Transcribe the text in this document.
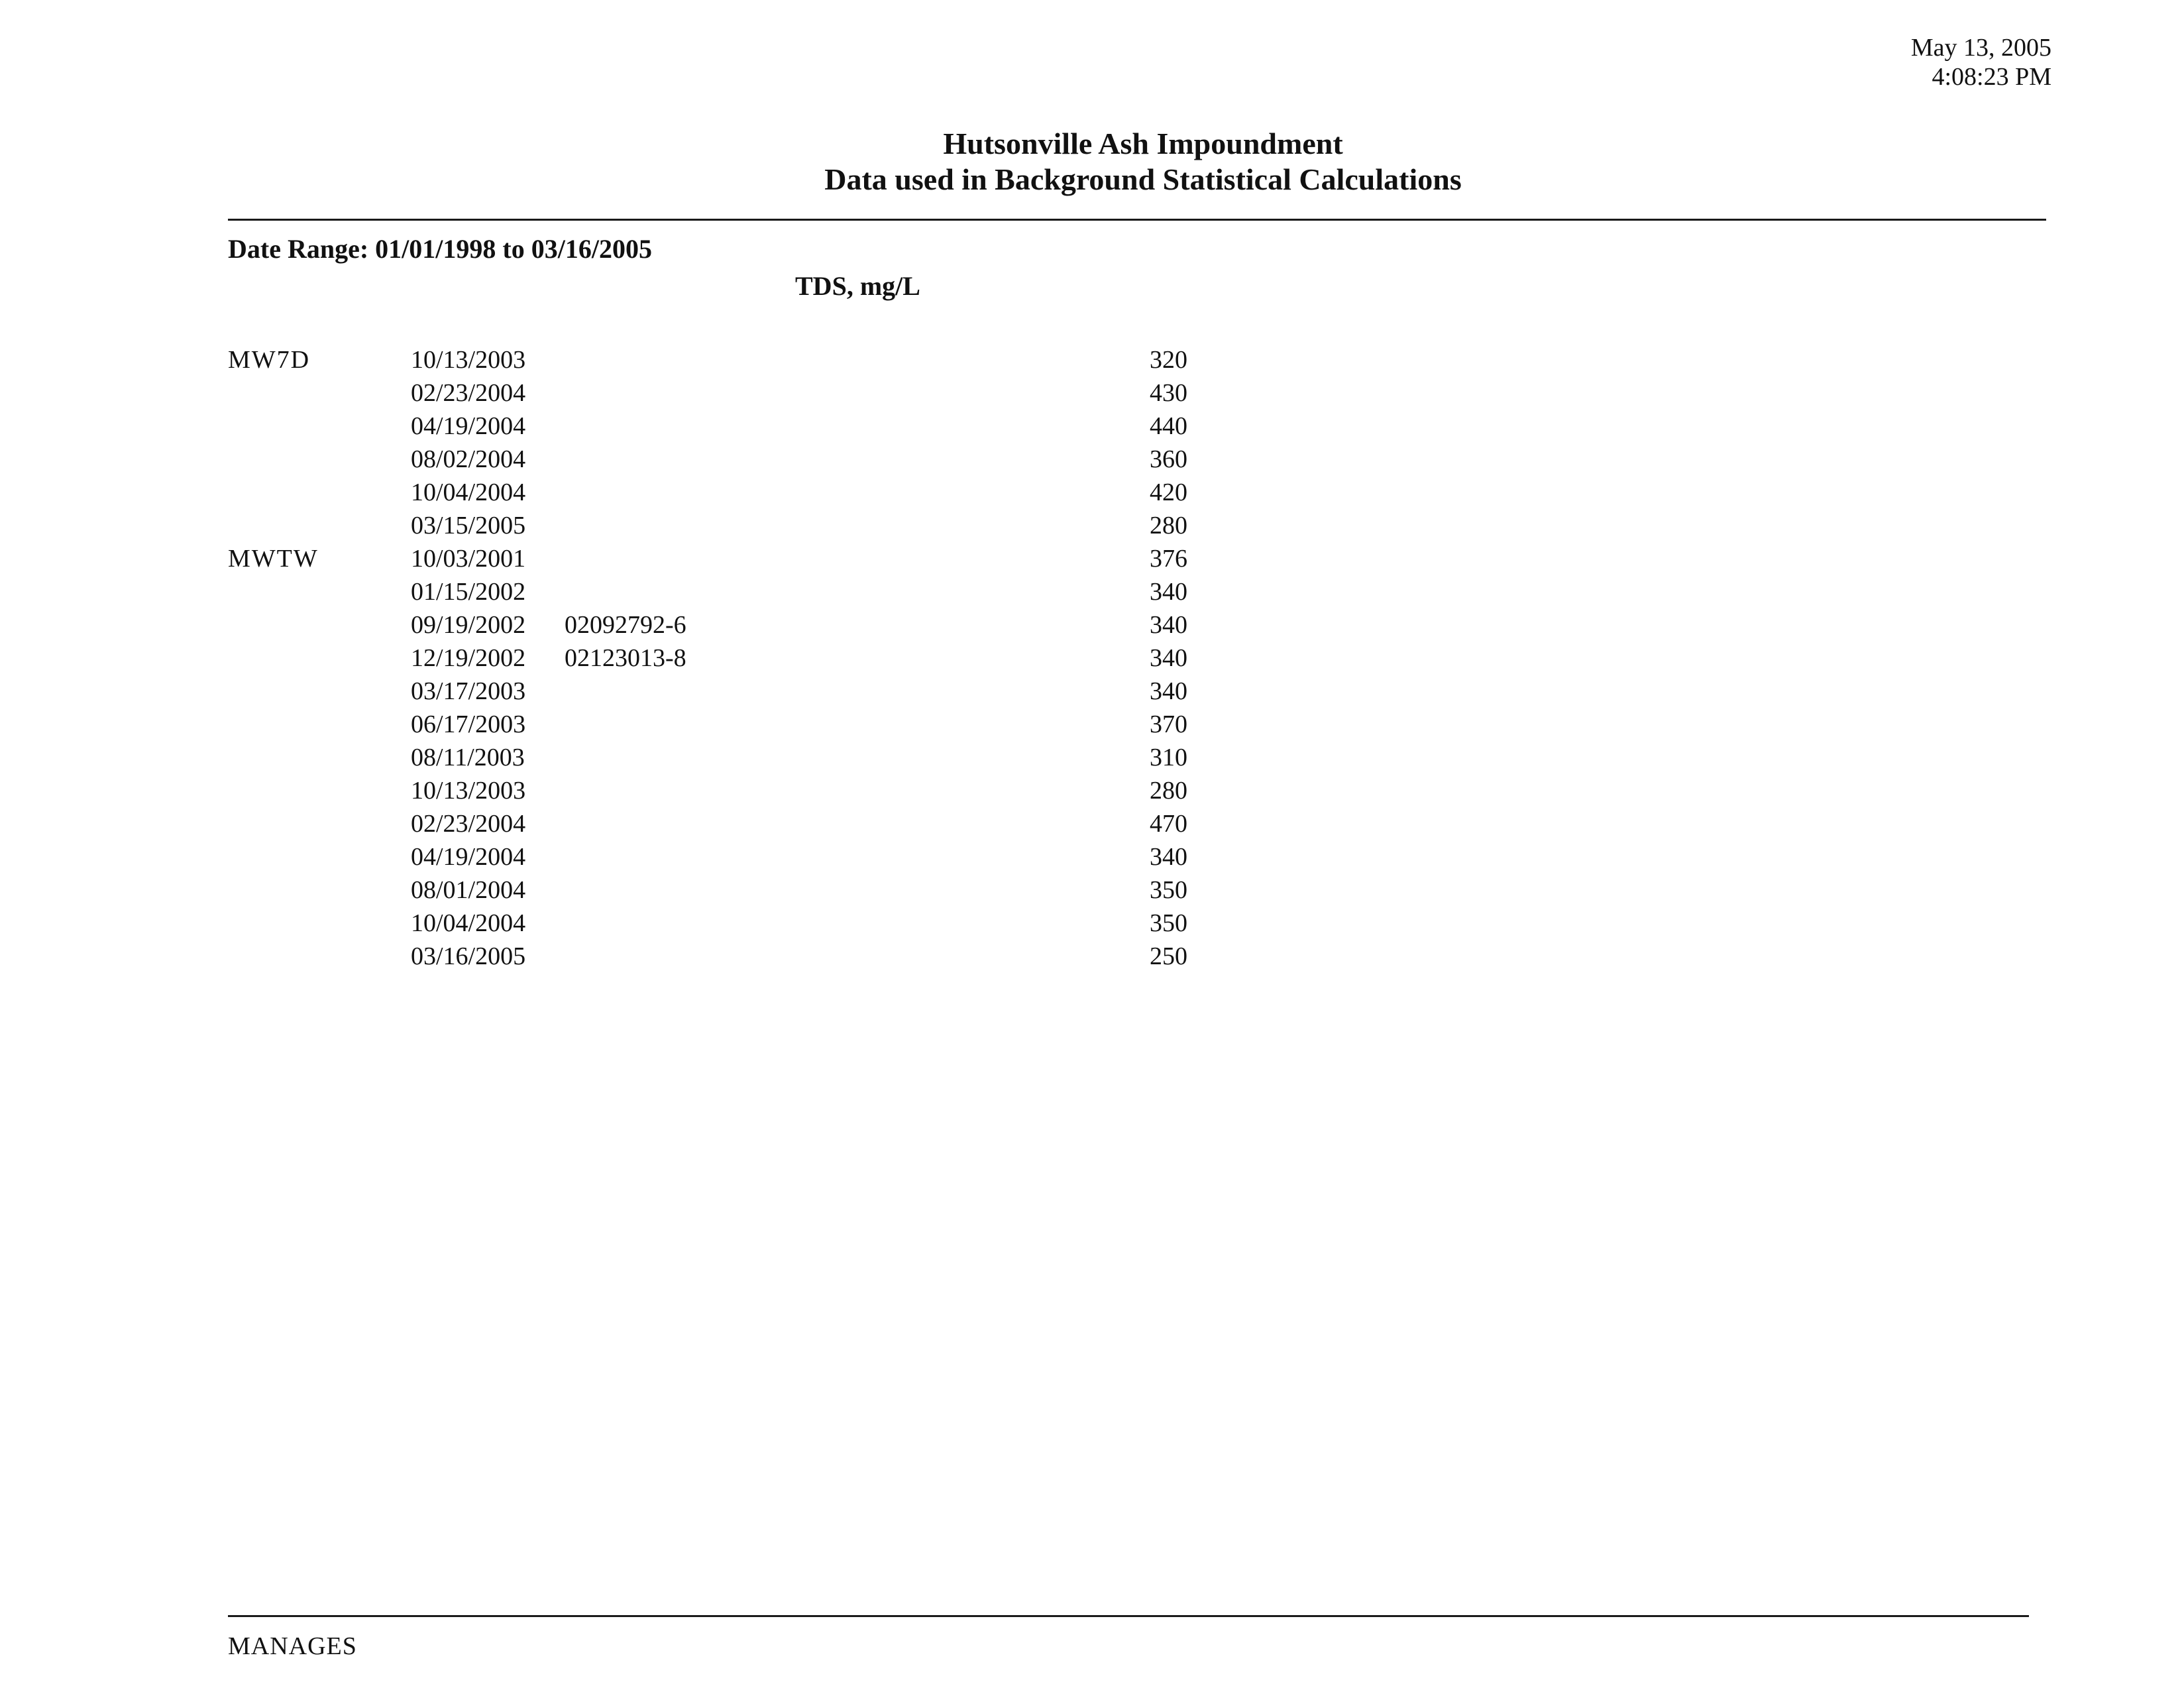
May 13, 2005
4:08:23 PM
Hutsonville Ash Impoundment
Data used in Background Statistical Calculations
Date Range: 01/01/1998 to 03/16/2005
TDS, mg/L
MW7D	10/13/2003		320
	02/23/2004		430
	04/19/2004		440
	08/02/2004		360
	10/04/2004		420
	03/15/2005		280
MWTW	10/03/2001		376
	01/15/2002		340
	09/19/2002	02092792-6	340
	12/19/2002	02123013-8	340
	03/17/2003		340
	06/17/2003		370
	08/11/2003		310
	10/13/2003		280
	02/23/2004		470
	04/19/2004		340
	08/01/2004		350
	10/04/2004		350
	03/16/2005		250
MANAGES
